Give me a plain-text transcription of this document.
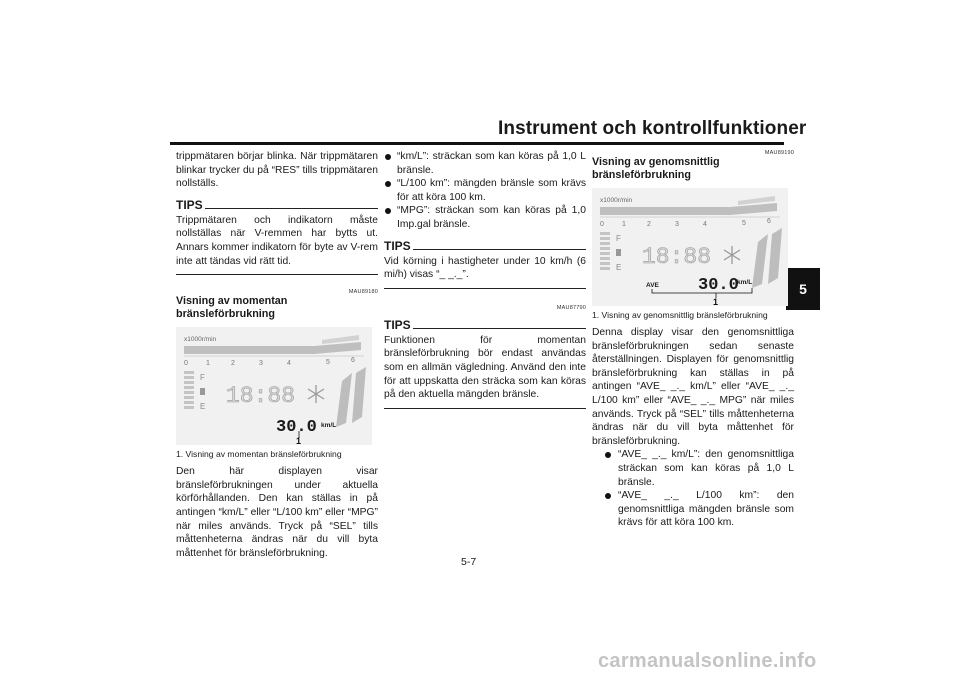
Instrument och kontrollfunktioner
5

trippmätaren börjar blinka. När trippmätaren blinkar trycker du på “RES” tills trippmätaren nollställs.

TIPS

Trippmätaren och indikatorn måste nollställas när V-remmen har bytts ut. Annars kommer indikatorn för byte av V-rem inte att tändas vid rätt tid.

MAU89180
Visning av momentan bränsleförbrukning
x1000r/min
0	1	2	3	4	5	6
F
E 18:88
30.0 km/L
1
1. Visning av momentan bränsleförbrukning

Den här displayen visar bränsleförbrukningen under aktuella körförhållanden. Den kan ställas in på antingen “km/L” eller “L/100 km” eller “MPG” när miles används. Tryck på “SEL” tills måttenheterna ändras när du vill byta måttenhet för bränsleförbrukning.

“km/L”: sträckan som kan köras på 1,0 L bränsle.
“L/100 km”: mängden bränsle som krävs för att köra 100 km.
“MPG”: sträckan som kan köras på 1,0 Imp.gal bränsle.
TIPS

Vid körning i hastigheter under 10 km/h (6 mi/h) visas “_ _._”.

MAU87790
TIPS

Funktionen för momentan bränsleförbrukning bör endast användas som en allmän vägledning. Använd den inte för att uppskatta den sträcka som kan köras på den aktuella mängden bränsle.

MAU89190
Visning av genomsnittlig bränsleförbrukning
x1000r/min
0	1	2	3	4	5	6
F
E 18:88
AVE 30.0
km/L
1
1. Visning av genomsnittlig bränsleförbrukning

Denna display visar den genomsnittliga bränsleförbrukningen sedan senaste återställningen. Displayen för genomsnittlig bränsleförbrukning kan ställas in på antingen “AVE_ _._ km/L” eller “AVE_ _._ L/100 km” eller “AVE_ _._ MPG” när miles används. Tryck på “SEL” tills måttenheterna ändras när du vill byta måttenhet för bränsleförbrukning.

“AVE_ _._ km/L”: den genomsnittliga sträckan som kan köras på 1,0 L bränsle.
“AVE_ _._ L/100 km”: den genomsnittliga mängden bränsle som krävs för att köra 100 km.
5-7
carmanualsonline.info
